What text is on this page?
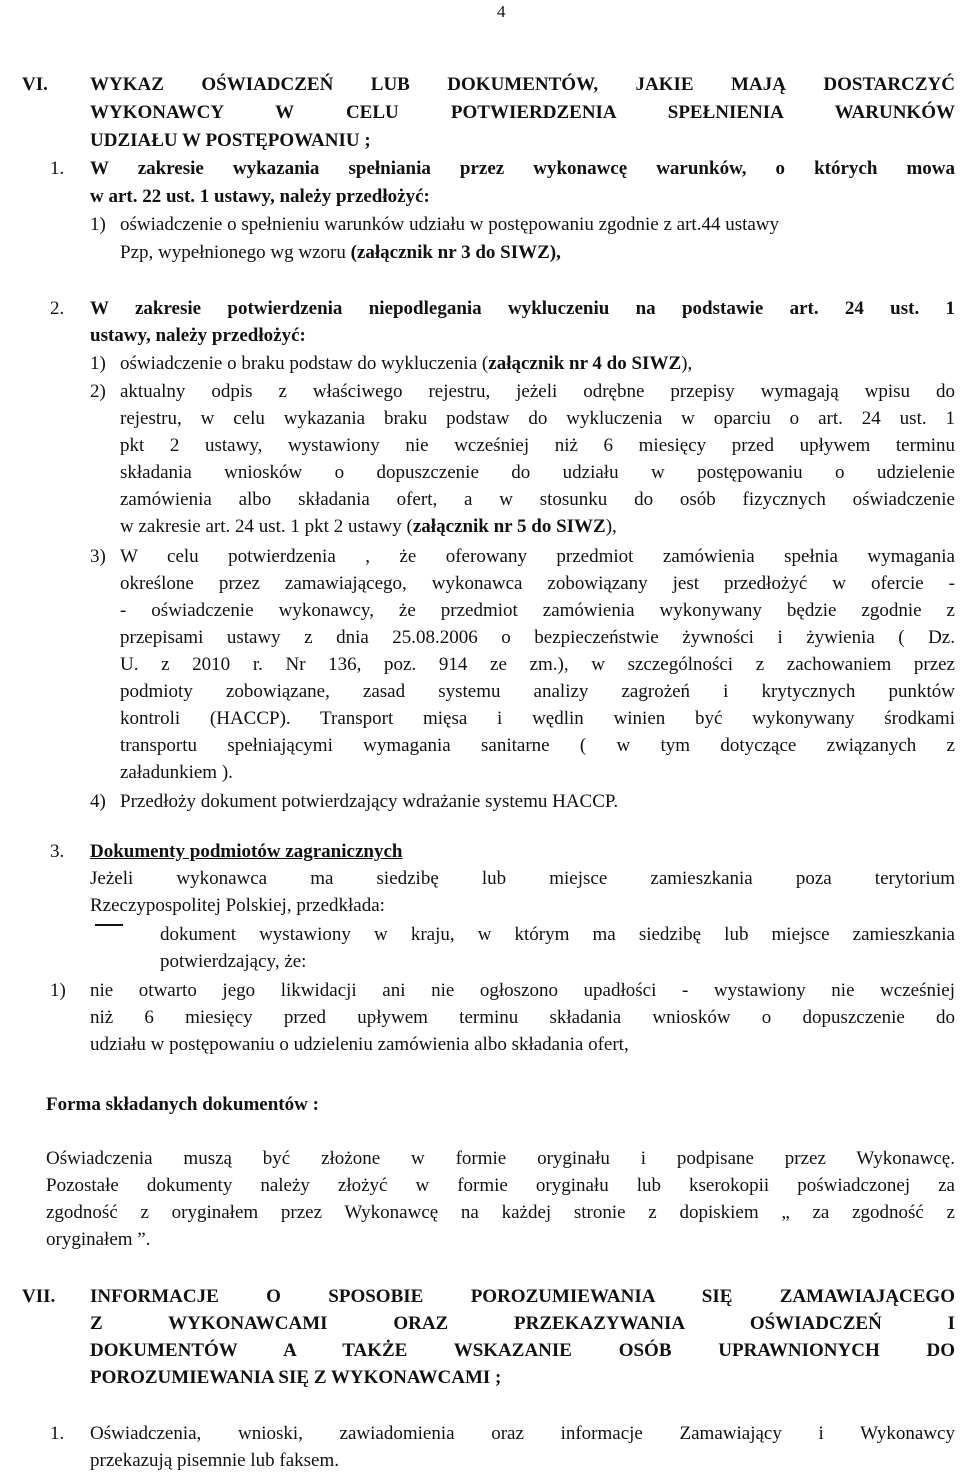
4
VI. WYKAZ OŚWIADCZEŃ LUB DOKUMENTÓW, JAKIE MAJĄ DOSTARCZYĆ
WYKONAWCY W CELU POTWIERDZENIA SPEŁNIENIA WARUNKÓW
UDZIAŁU W POSTĘPOWANIU ;
1. W zakresie wykazania spełniania przez wykonawcę warunków, o których mowa
w art. 22 ust. 1 ustawy, należy przedłożyć:
1) oświadczenie o spełnieniu warunków udziału w postępowaniu zgodnie z art.44 ustawy
Pzp, wypełnionego wg wzoru (załącznik nr 3 do SIWZ),
2. W zakresie potwierdzenia niepodlegania wykluczeniu na podstawie art. 24 ust. 1
ustawy, należy przedłożyć:
1) oświadczenie o braku podstaw do wykluczenia (załącznik nr 4 do SIWZ),
2) aktualny odpis z właściwego rejestru, jeżeli odrębne przepisy wymagają wpisu do
rejestru, w celu wykazania braku podstaw do wykluczenia w oparciu o art. 24 ust. 1
pkt 2 ustawy, wystawiony nie wcześniej niż 6 miesięcy przed upływem terminu
składania wniosków o dopuszczenie do udziału w postępowaniu o udzielenie
zamówienia albo składania ofert, a w stosunku do osób fizycznych oświadczenie
w zakresie art. 24 ust. 1 pkt 2 ustawy (załącznik nr 5 do SIWZ),
3) W celu potwierdzenia , że oferowany przedmiot zamówienia spełnia wymagania
określone przez zamawiającego, wykonawca zobowiązany jest przedłożyć w ofercie -
- oświadczenie wykonawcy, że przedmiot zamówienia wykonywany będzie zgodnie z
przepisami ustawy z dnia 25.08.2006 o bezpieczeństwie żywności i żywienia ( Dz.
U. z 2010 r. Nr 136, poz. 914 ze zm.), w szczególności z zachowaniem przez
podmioty zobowiązane, zasad systemu analizy zagrożeń i krytycznych punktów
kontroli (HACCP). Transport mięsa i wędlin winien być wykonywany środkami
transportu spełniającymi wymagania sanitarne ( w tym dotyczące związanych z
załadunkiem ).
4) Przedłoży dokument potwierdzający wdrażanie systemu HACCP.
3. Dokumenty podmiotów zagranicznych
Jeżeli wykonawca ma siedzibę lub miejsce zamieszkania poza terytorium
Rzeczypospolitej Polskiej, przedkłada:
dokument wystawiony w kraju, w którym ma siedzibę lub miejsce zamieszkania
potwierdzający, że:
1) nie otwarto jego likwidacji ani nie ogłoszono upadłości - wystawiony nie wcześniej
niż 6 miesięcy przed upływem terminu składania wniosków o dopuszczenie do
udziału w postępowaniu o udzieleniu zamówienia albo składania ofert,
Forma składanych dokumentów :
Oświadczenia muszą być złożone w formie oryginału i podpisane przez Wykonawcę.
Pozostałe dokumenty należy złożyć w formie oryginału lub kserokopii poświadczonej za
zgodność z oryginałem przez Wykonawcę na każdej stronie z dopiskiem „ za zgodność z
oryginałem ”.
VII. INFORMACJE O SPOSOBIE POROZUMIEWANIA SIĘ ZAMAWIAJĄCEGO
Z WYKONAWCAMI ORAZ PRZEKAZYWANIA OŚWIADCZEŃ I
DOKUMENTÓW A TAKŻE WSKAZANIE OSÓB UPRAWNIONYCH DO
POROZUMIEWANIA SIĘ Z WYKONAWCAMI ;
1. Oświadczenia, wnioski, zawiadomienia oraz informacje Zamawiający i Wykonawcy
przekazują pisemnie lub faksem.
